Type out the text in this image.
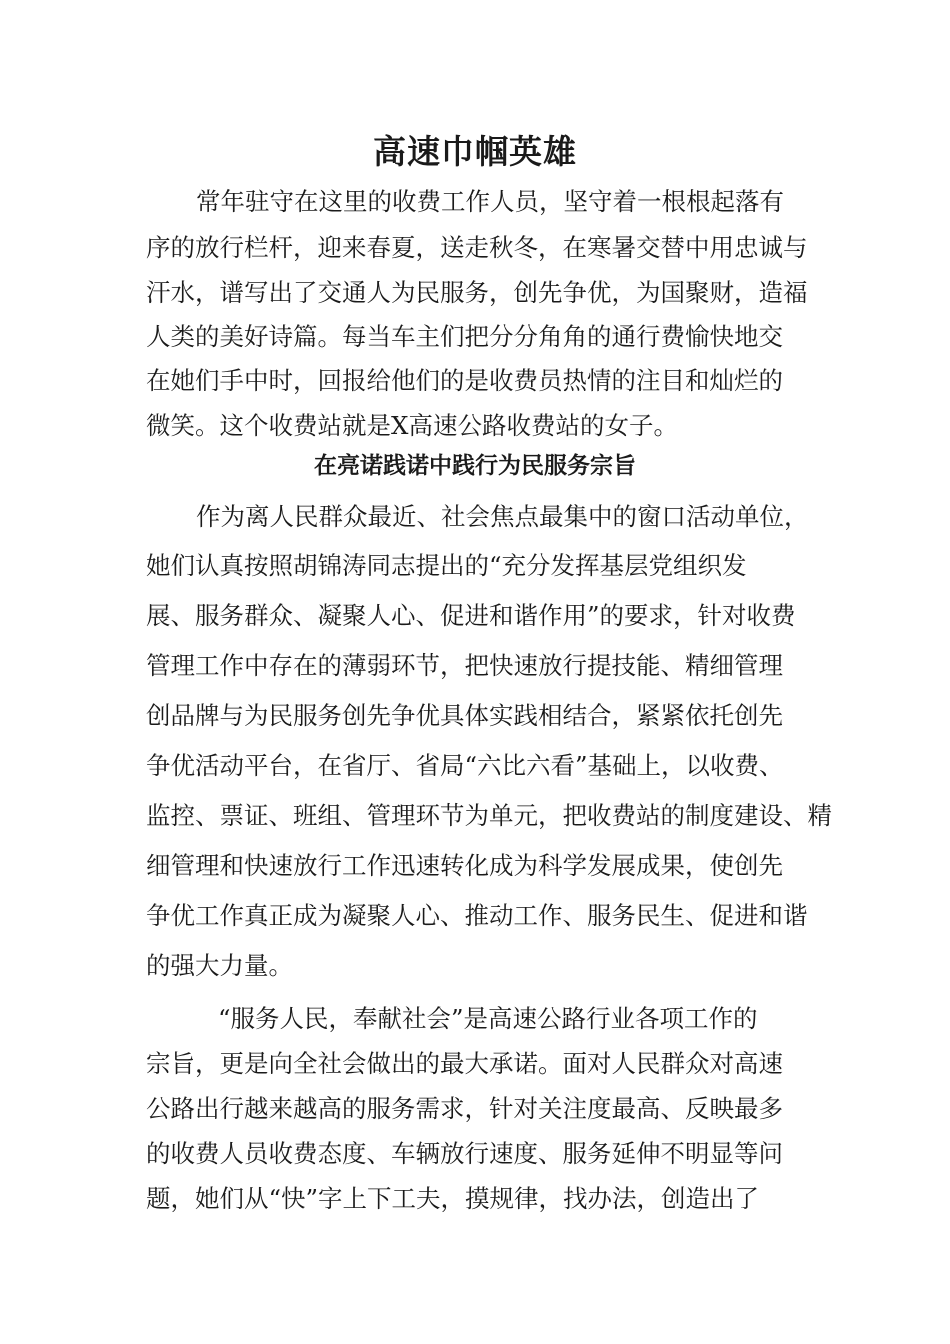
高速巾帼英雄

常年驻守在这里的收费工作人员，坚守着一根根起落有

序的放行栏杆，迎来春夏，送走秋冬，在寒暑交替中用忠诚与

汗水，谱写出了交通人为民服务，创先争优，为国聚财，造福

人类的美好诗篇。每当车主们把分分角角的通行费愉快地交

在她们手中时，回报给他们的是收费员热情的注目和灿烂的

微笑。这个收费站就是X高速公路收费站的女子。

在亮诺践诺中践行为民服务宗旨

作为离人民群众最近、社会焦点最集中的窗口活动单位，

她们认真按照胡锦涛同志提出的“充分发挥基层党组织发

展、服务群众、凝聚人心、促进和谐作用”的要求，针对收费

管理工作中存在的薄弱环节，把快速放行提技能、精细管理

创品牌与为民服务创先争优具体实践相结合，紧紧依托创先

争优活动平台，在省厅、省局“六比六看”基础上，以收费、

监控、票证、班组、管理环节为单元，把收费站的制度建设、精

细管理和快速放行工作迅速转化成为科学发展成果，使创先

争优工作真正成为凝聚人心、推动工作、服务民生、促进和谐

的强大力量。

“服务人民，奉献社会”是高速公路行业各项工作的

宗旨，更是向全社会做出的最大承诺。面对人民群众对高速

公路出行越来越高的服务需求，针对关注度最高、反映最多

的收费人员收费态度、车辆放行速度、服务延伸不明显等问

题，她们从“快”字上下工夫，摸规律，找办法，创造出了
